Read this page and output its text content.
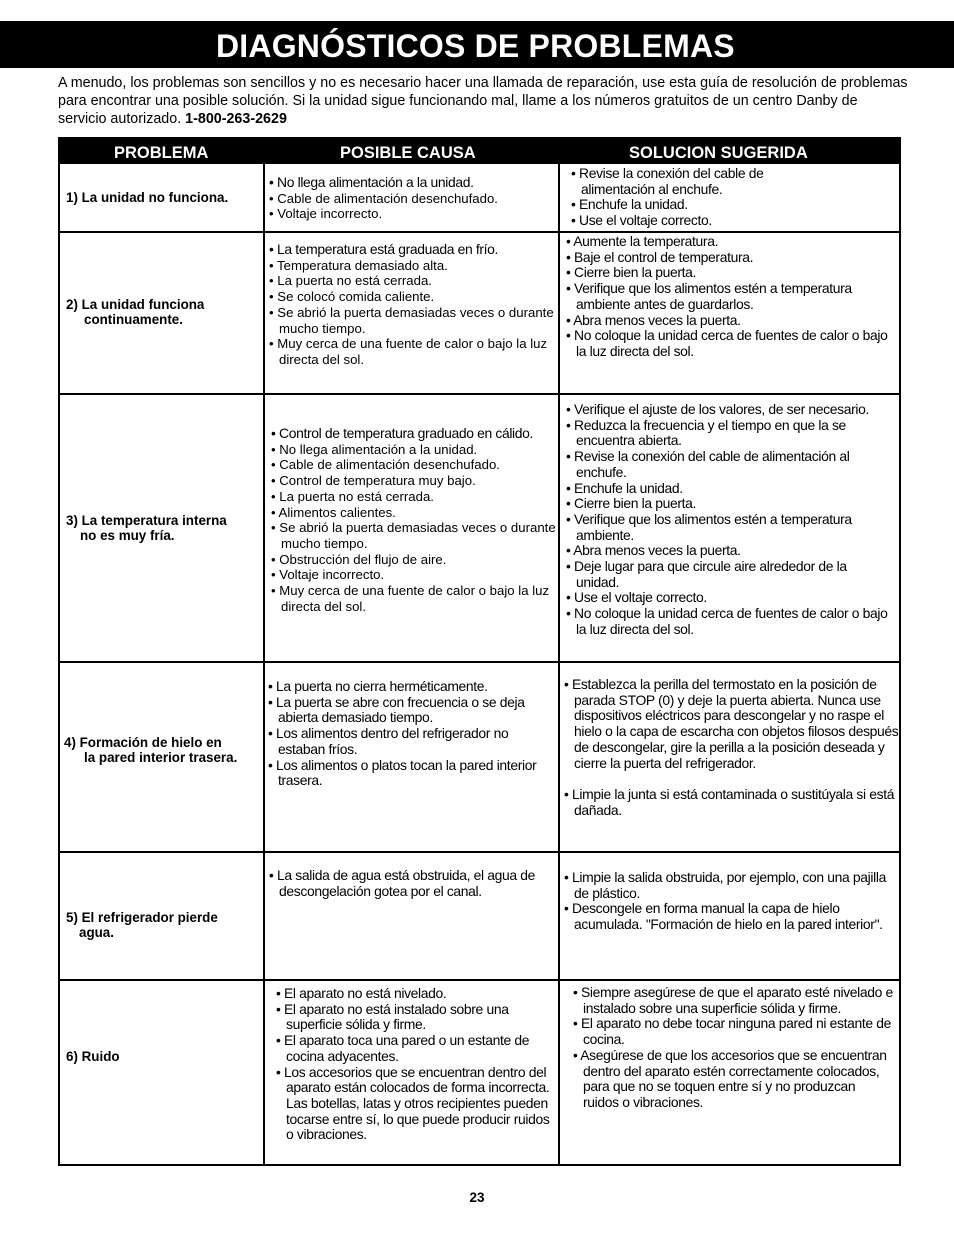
DIAGNÓSTICOS DE PROBLEMAS

A menudo, los problemas son sencillos y no es necesario hacer una llamada de reparación, use esta guía de resolución de problemas para encontrar una posible solución. Si la unidad sigue funcionando mal, llame a los números gratuitos de un centro Danby de servicio autorizado. 1-800-263-2629

PROBLEMA	POSIBLE CAUSA	SOLUCION SUGERIDA
1) La unidad no funciona.
• No llega alimentación a la unidad.
• Cable de alimentación desenchufado.
• Voltaje incorrecto.
• Revise la conexión del cable de alimentación al enchufe.
• Enchufe la unidad.
• Use el voltaje correcto.
2) La unidad funciona
continuamente.
• La temperatura está graduada en frío.
• Temperatura demasiado alta.
• La puerta no está cerrada.
• Se colocó comida caliente.
• Se abrió la puerta demasiadas veces o durante mucho tiempo.
• Muy cerca de una fuente de calor o bajo la luz directa del sol.
• Aumente la temperatura.
• Baje el control de temperatura.
• Cierre bien la puerta.
• Verifique que los alimentos estén a temperatura ambiente antes de guardarlos.
• Abra menos veces la puerta.
• No coloque la unidad cerca de fuentes de calor o bajo la luz directa del sol.
3) La temperatura interna
no es muy fría.
• Control de temperatura graduado en cálido.
• No llega alimentación a la unidad.
• Cable de alimentación desenchufado.
• Control de temperatura muy bajo.
• La puerta no está cerrada.
• Alimentos calientes.
• Se abrió la puerta demasiadas veces o durante mucho tiempo.
• Obstrucción del flujo de aire.
• Voltaje incorrecto.
• Muy cerca de una fuente de calor o bajo la luz directa del sol.
• Verifique el ajuste de los valores, de ser necesario.
• Reduzca la frecuencia y el tiempo en que la se encuentra abierta.
• Revise la conexión del cable de alimentación al enchufe.
• Enchufe la unidad.
• Cierre bien la puerta.
• Verifique que los alimentos estén a temperatura ambiente.
• Abra menos veces la puerta.
• Deje lugar para que circule aire alrededor de la unidad.
• Use el voltaje correcto.
• No coloque la unidad cerca de fuentes de calor o bajo la luz directa del sol.
4) Formación de hielo en
la pared interior trasera.
• La puerta no cierra herméticamente.
• La puerta se abre con frecuencia o se deja abierta demasiado tiempo.
• Los alimentos dentro del refrigerador no estaban fríos.
• Los alimentos o platos tocan la pared interior trasera.
• Establezca la perilla del termostato en la posición de parada STOP (0) y deje la puerta abierta. Nunca use dispositivos eléctricos para descongelar y no raspe el hielo o la capa de escarcha con objetos filosos después de descongelar, gire la perilla a la posición deseada y cierre la puerta del refrigerador.
• Limpie la junta si está contaminada o sustitúyala si está dañada.
5) El refrigerador pierde
agua.
• La salida de agua está obstruida, el agua de descongelación gotea por el canal.
• Limpie la salida obstruida, por ejemplo, con una pajilla de plástico.
• Descongele en forma manual la capa de hielo acumulada. "Formación de hielo en la pared interior".
6) Ruido
• El aparato no está nivelado.
• El aparato no está instalado sobre una superficie sólida y firme.
• El aparato toca una pared o un estante de cocina adyacentes.
• Los accesorios que se encuentran dentro del aparato están colocados de forma incorrecta. Las botellas, latas y otros recipientes pueden tocarse entre sí, lo que puede producir ruidos o vibraciones.
• Siempre asegúrese de que el aparato esté nivelado e instalado sobre una superficie sólida y firme.
• El aparato no debe tocar ninguna pared ni estante de cocina.
• Asegúrese de que los accesorios que se encuentran dentro del aparato estén correctamente colocados, para que no se toquen entre sí y no produzcan ruidos o vibraciones.
23
